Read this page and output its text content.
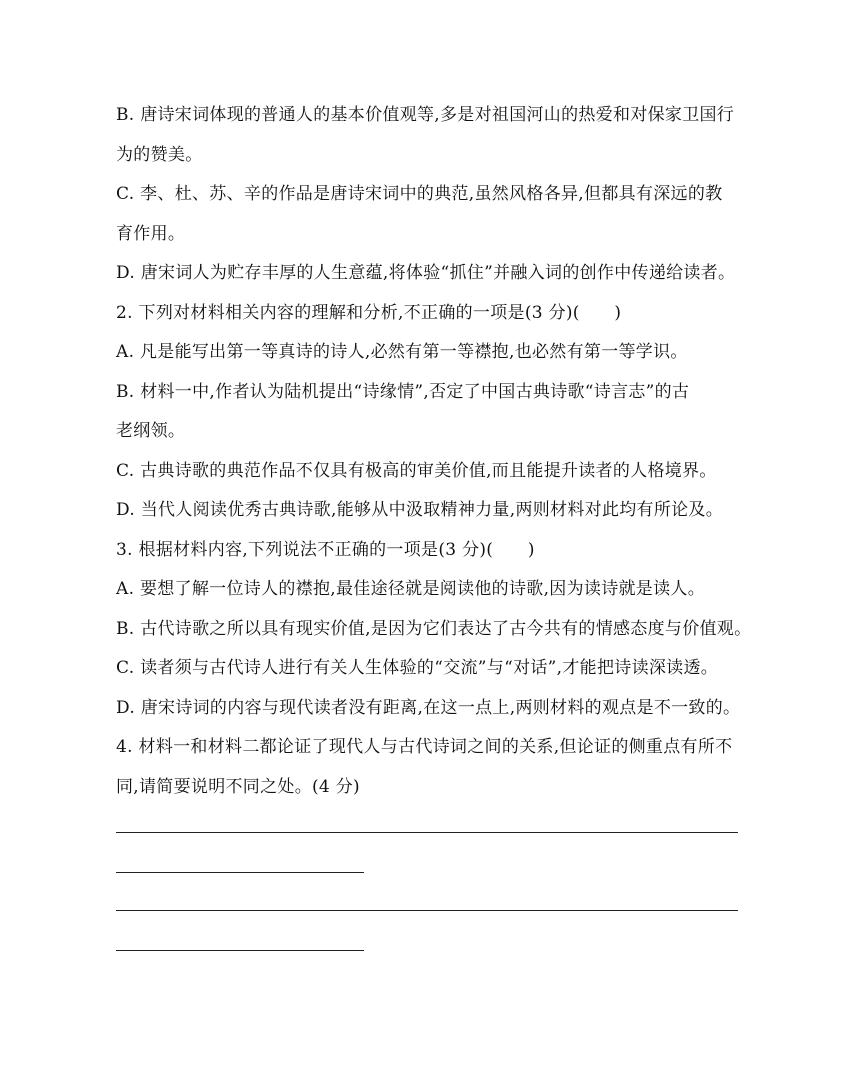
B. 唐诗宋词体现的普通人的基本价值观等,多是对祖国河山的热爱和对保家卫国行
为的赞美。
C. 李、杜、苏、辛的作品是唐诗宋词中的典范,虽然风格各异,但都具有深远的教
育作用。
D. 唐宋词人为贮存丰厚的人生意蕴,将体验“抓住”并融入词的创作中传递给读者。
2. 下列对材料相关内容的理解和分析,不正确的一项是(3 分)(　　)
A. 凡是能写出第一等真诗的诗人,必然有第一等襟抱,也必然有第一等学识。
B. 材料一中,作者认为陆机提出“诗缘情”,否定了中国古典诗歌“诗言志”的古
老纲领。
C. 古典诗歌的典范作品不仅具有极高的审美价值,而且能提升读者的人格境界。
D. 当代人阅读优秀古典诗歌,能够从中汲取精神力量,两则材料对此均有所论及。
3. 根据材料内容,下列说法不正确的一项是(3 分)(　　)
A. 要想了解一位诗人的襟抱,最佳途径就是阅读他的诗歌,因为读诗就是读人。
B. 古代诗歌之所以具有现实价值,是因为它们表达了古今共有的情感态度与价值观。
C. 读者须与古代诗人进行有关人生体验的“交流”与“对话”,才能把诗读深读透。
D. 唐宋诗词的内容与现代读者没有距离,在这一点上,两则材料的观点是不一致的。
4. 材料一和材料二都论证了现代人与古代诗词之间的关系,但论证的侧重点有所不
同,请简要说明不同之处。(4 分)
